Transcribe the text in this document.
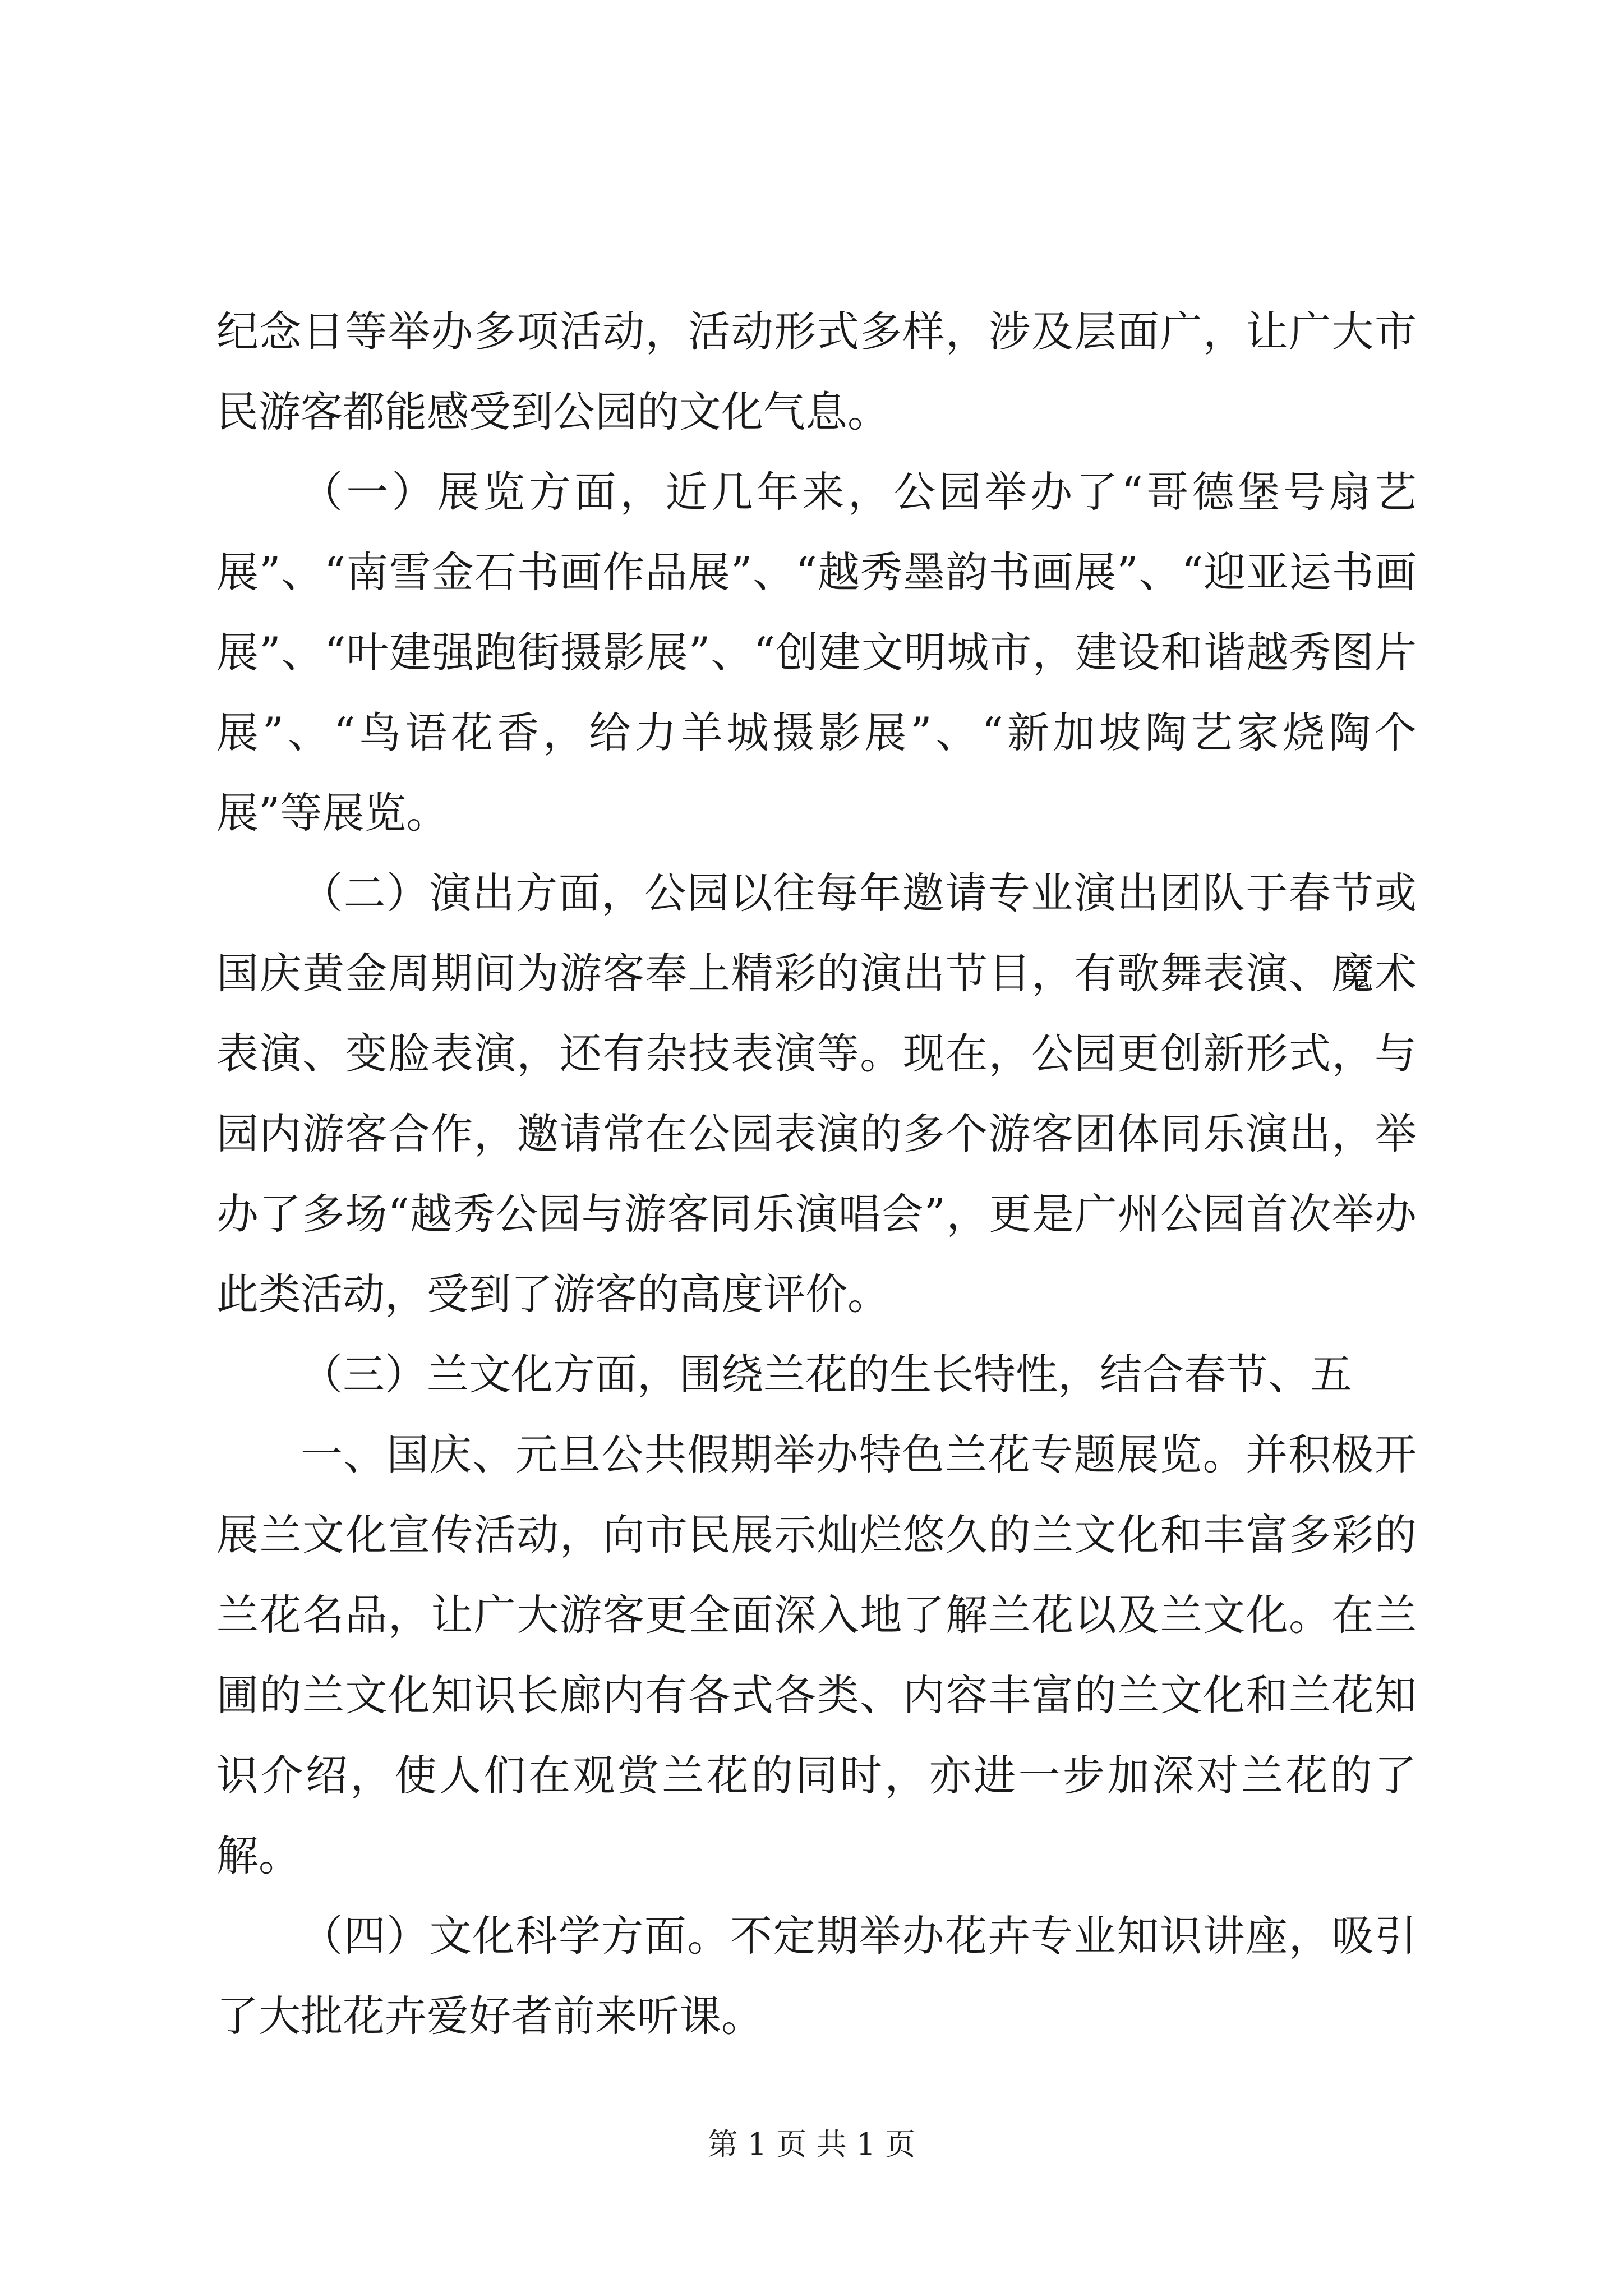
纪念日等举办多项活动，活动形式多样，涉及层面广，让广大市民游客都能感受到公园的文化气息。

（一）展览方面，近几年来，公园举办了“哥德堡号扇艺展”、“南雪金石书画作品展”、“越秀墨韵书画展”、“迎亚运书画展”、“叶建强跑街摄影展”、“创建文明城市，建设和谐越秀图片展”、“鸟语花香，给力羊城摄影展”、“新加坡陶艺家烧陶个展”等展览。

（二）演出方面，公园以往每年邀请专业演出团队于春节或国庆黄金周期间为游客奉上精彩的演出节目，有歌舞表演、魔术表演、变脸表演，还有杂技表演等。现在，公园更创新形式，与园内游客合作，邀请常在公园表演的多个游客团体同乐演出，举办了多场“越秀公园与游客同乐演唱会”，更是广州公园首次举办此类活动，受到了游客的高度评价。

（三）兰文化方面，围绕兰花的生长特性，结合春节、五

一、国庆、元旦公共假期举办特色兰花专题展览。并积极开展兰文化宣传活动，向市民展示灿烂悠久的兰文化和丰富多彩的兰花名品，让广大游客更全面深入地了解兰花以及兰文化。在兰圃的兰文化知识长廊内有各式各类、内容丰富的兰文化和兰花知识介绍，使人们在观赏兰花的同时，亦进一步加深对兰花的了解。

（四）文化科学方面。不定期举办花卉专业知识讲座，吸引了大批花卉爱好者前来听课。

第 1 页 共 1 页
